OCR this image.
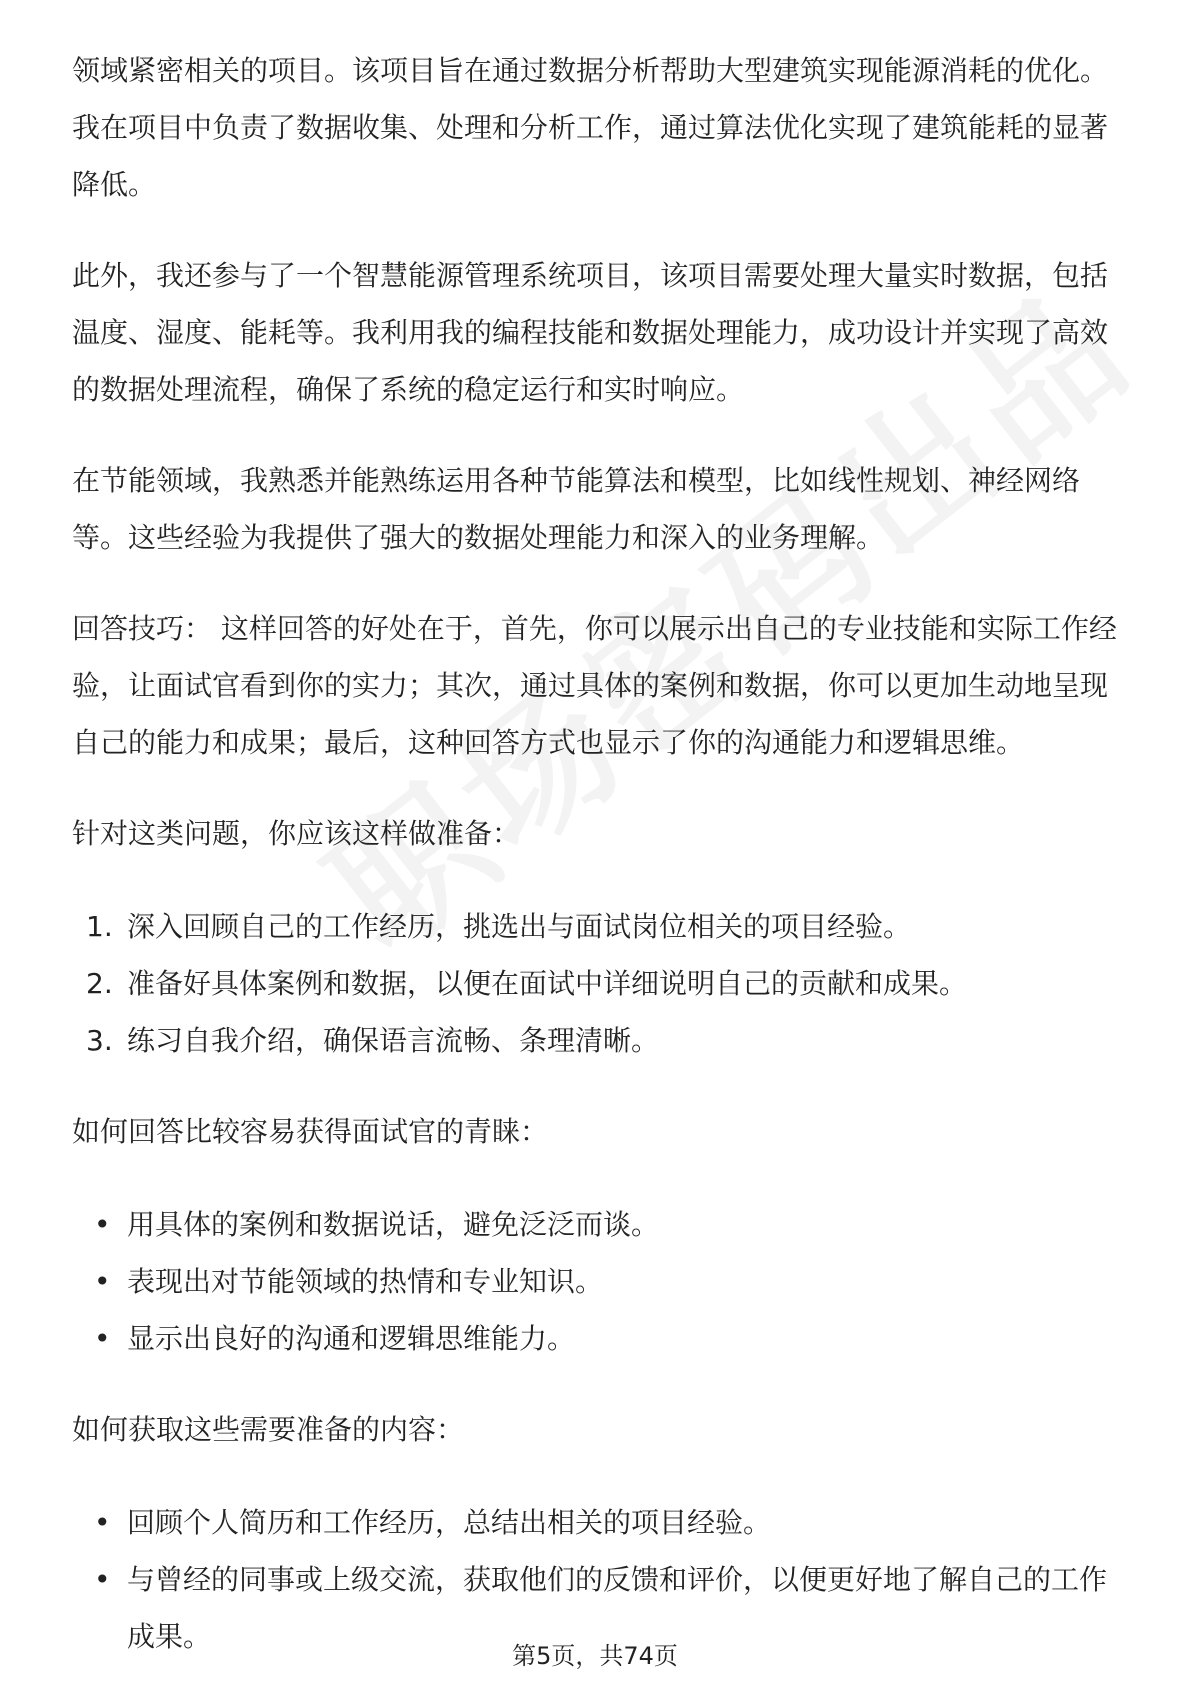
领域紧密相关的项目。该项目旨在通过数据分析帮助大型建筑实现能源消耗的优化。我在项目中负责了数据收集、处理和分析工作，通过算法优化实现了建筑能耗的显著降低。

此外，我还参与了一个智慧能源管理系统项目，该项目需要处理大量实时数据，包括温度、湿度、能耗等。我利用我的编程技能和数据处理能力，成功设计并实现了高效的数据处理流程，确保了系统的稳定运行和实时响应。

在节能领域，我熟悉并能熟练运用各种节能算法和模型，比如线性规划、神经网络等。这些经验为我提供了强大的数据处理能力和深入的业务理解。

回答技巧： 这样回答的好处在于，首先，你可以展示出自己的专业技能和实际工作经验，让面试官看到你的实力；其次，通过具体的案例和数据，你可以更加生动地呈现自己的能力和成果；最后，这种回答方式也显示了你的沟通能力和逻辑思维。

针对这类问题，你应该这样做准备：

1. 深入回顾自己的工作经历，挑选出与面试岗位相关的项目经验。
2. 准备好具体案例和数据，以便在面试中详细说明自己的贡献和成果。
3. 练习自我介绍，确保语言流畅、条理清晰。

如何回答比较容易获得面试官的青睐：

• 用具体的案例和数据说话，避免泛泛而谈。
• 表现出对节能领域的热情和专业知识。
• 显示出良好的沟通和逻辑思维能力。

如何获取这些需要准备的内容：

• 回顾个人简历和工作经历，总结出相关的项目经验。
• 与曾经的同事或上级交流，获取他们的反馈和评价，以便更好地了解自己的工作成果。
第5页，共74页
